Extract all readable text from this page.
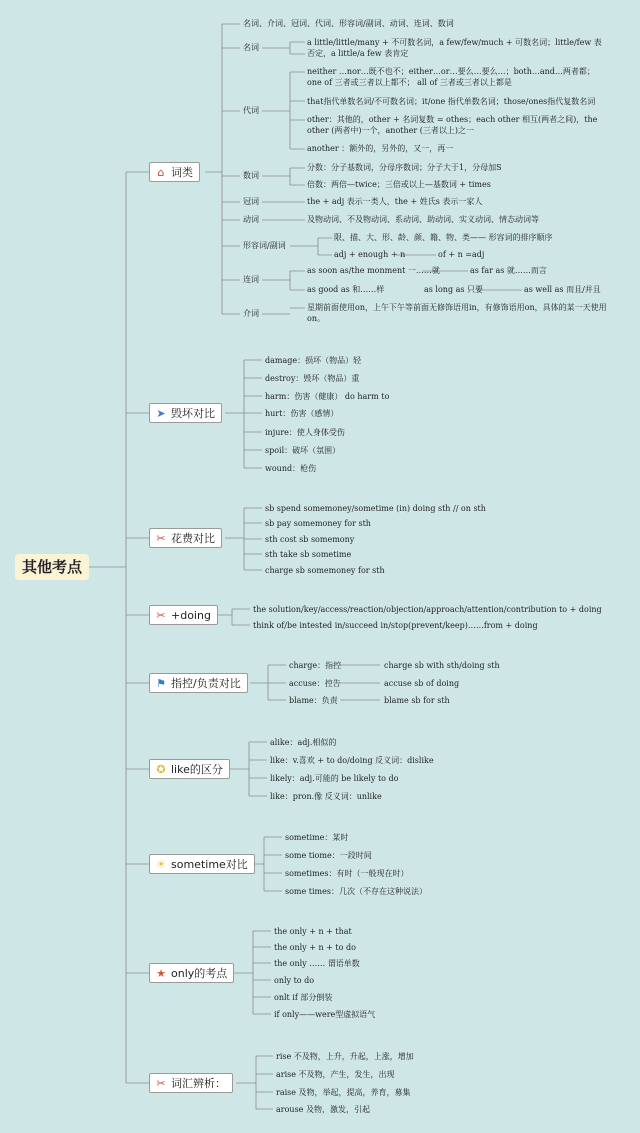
其他考点
⌂ 词类
➤ 毁坏对比
✂ 花费对比
✂ +doing
⚑ 指控/负责对比
✪ like的区分
☀ sometime对比
★ only的考点
✂ 词汇辨析：
名词、介词、冠词、代词、形容词/副词、动词、连词、数词
名词
a little/little/many + 不可数名词，a few/few/much + 可数名词；little/few 表否定，a little/a few 表肯定
代词
neither …nor…既不也不；either…or…要么…要么…；both…and…两者都；one of 三者或三者以上都不； all of 三者或三者以上都是
that指代单数名词/不可数名词；it/one 指代单数名词；those/ones指代复数名词
other：其他的，other + 名词复数 = othes；each other 相互(两者之间)，the other (两者中)一个，another (三者以上)之一
another ：额外的，另外的，又一，再一
数词
分数：分子基数词，分母序数词；分子大于1，分母加S
倍数：两倍—twice；三倍或以上—基数词 + times
冠词	the + adj 表示一类人，the + 姓氏s 表示一家人
动词	及物动词、不及物动词、系动词、助动词、实义动词、情态动词等
形容词/副词
限、描、大、形、龄、颜、籍、物、类—— 形容词的排序顺序
adj + enough + n	of + n =adj
连词
as soon as/the monment 一……就	as far as 就……而言
as good as 和……样	as long as 只要	as well as 而且/并且
介词
星期前面使用on，上午下午等前面无修饰语用in，有修饰语用on，具体的某一天使用on。
damage：损坏（物品）轻
destroy：毁坏（物品）重
harm：伤害（健康） do harm to
hurt：伤害（感情）
injure：使人身体受伤
spoil：破坏（氛围）
wound：枪伤
sb spend somemoney/sometime (in) doing sth // on sth
sb pay somemoney for sth
sth cost sb somemony
sth take sb sometime
charge sb somemoney for sth
the solution/key/access/reaction/objection/approach/attention/contribution to + doing
think of/be intested in/succeed in/stop(prevent/keep)……from + doing
charge：指控	charge sb with sth/doing sth
accuse：控告	accuse sb of doing
blame：负责	blame sb for sth
alike：adj.相似的
like：v.喜欢 + to do/doing 反义词：dislike
likely：adj.可能的 be likely to do
like：pron.像 反义词：unlike
sometime：某时
some tiome：一段时间
sometimes：有时（一般现在时）
some times：几次（不存在这种说法）
the only + n + that
the only + n + to do
the only …… 谓语单数
only to do
onlt if 部分倒装
if only——were型虚拟语气
rise 不及物，上升，升起，上涨，增加
arise 不及物，产生，发生，出现
raise 及物，举起，提高，养育，募集
arouse 及物，激发，引起
